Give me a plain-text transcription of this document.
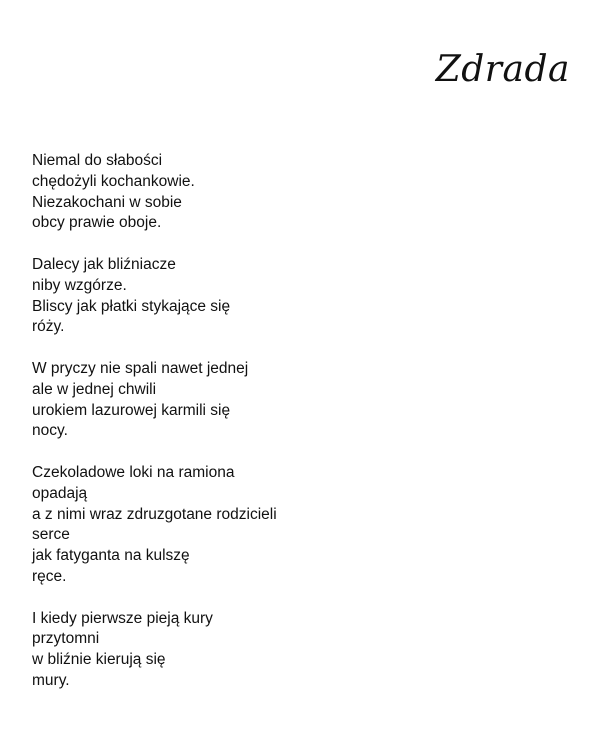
Zdrada
Niemal do słabości
chędożyli kochankowie.
Niezakochani w sobie
obcy prawie oboje.
Dalecy jak bliźniacze
niby wzgórze.
Bliscy jak płatki stykające się
róży.
W pryczy nie spali nawet jednej
ale w jednej chwili
urokiem lazurowej karmili się
nocy.
Czekoladowe loki na ramiona
opadają
a z nimi wraz zdruzgotane rodzicieli
serce
jak fatyganta na kulszę
ręce.
I kiedy pierwsze pieją kury
przytomni
w bliźnie kierują się
mury.
